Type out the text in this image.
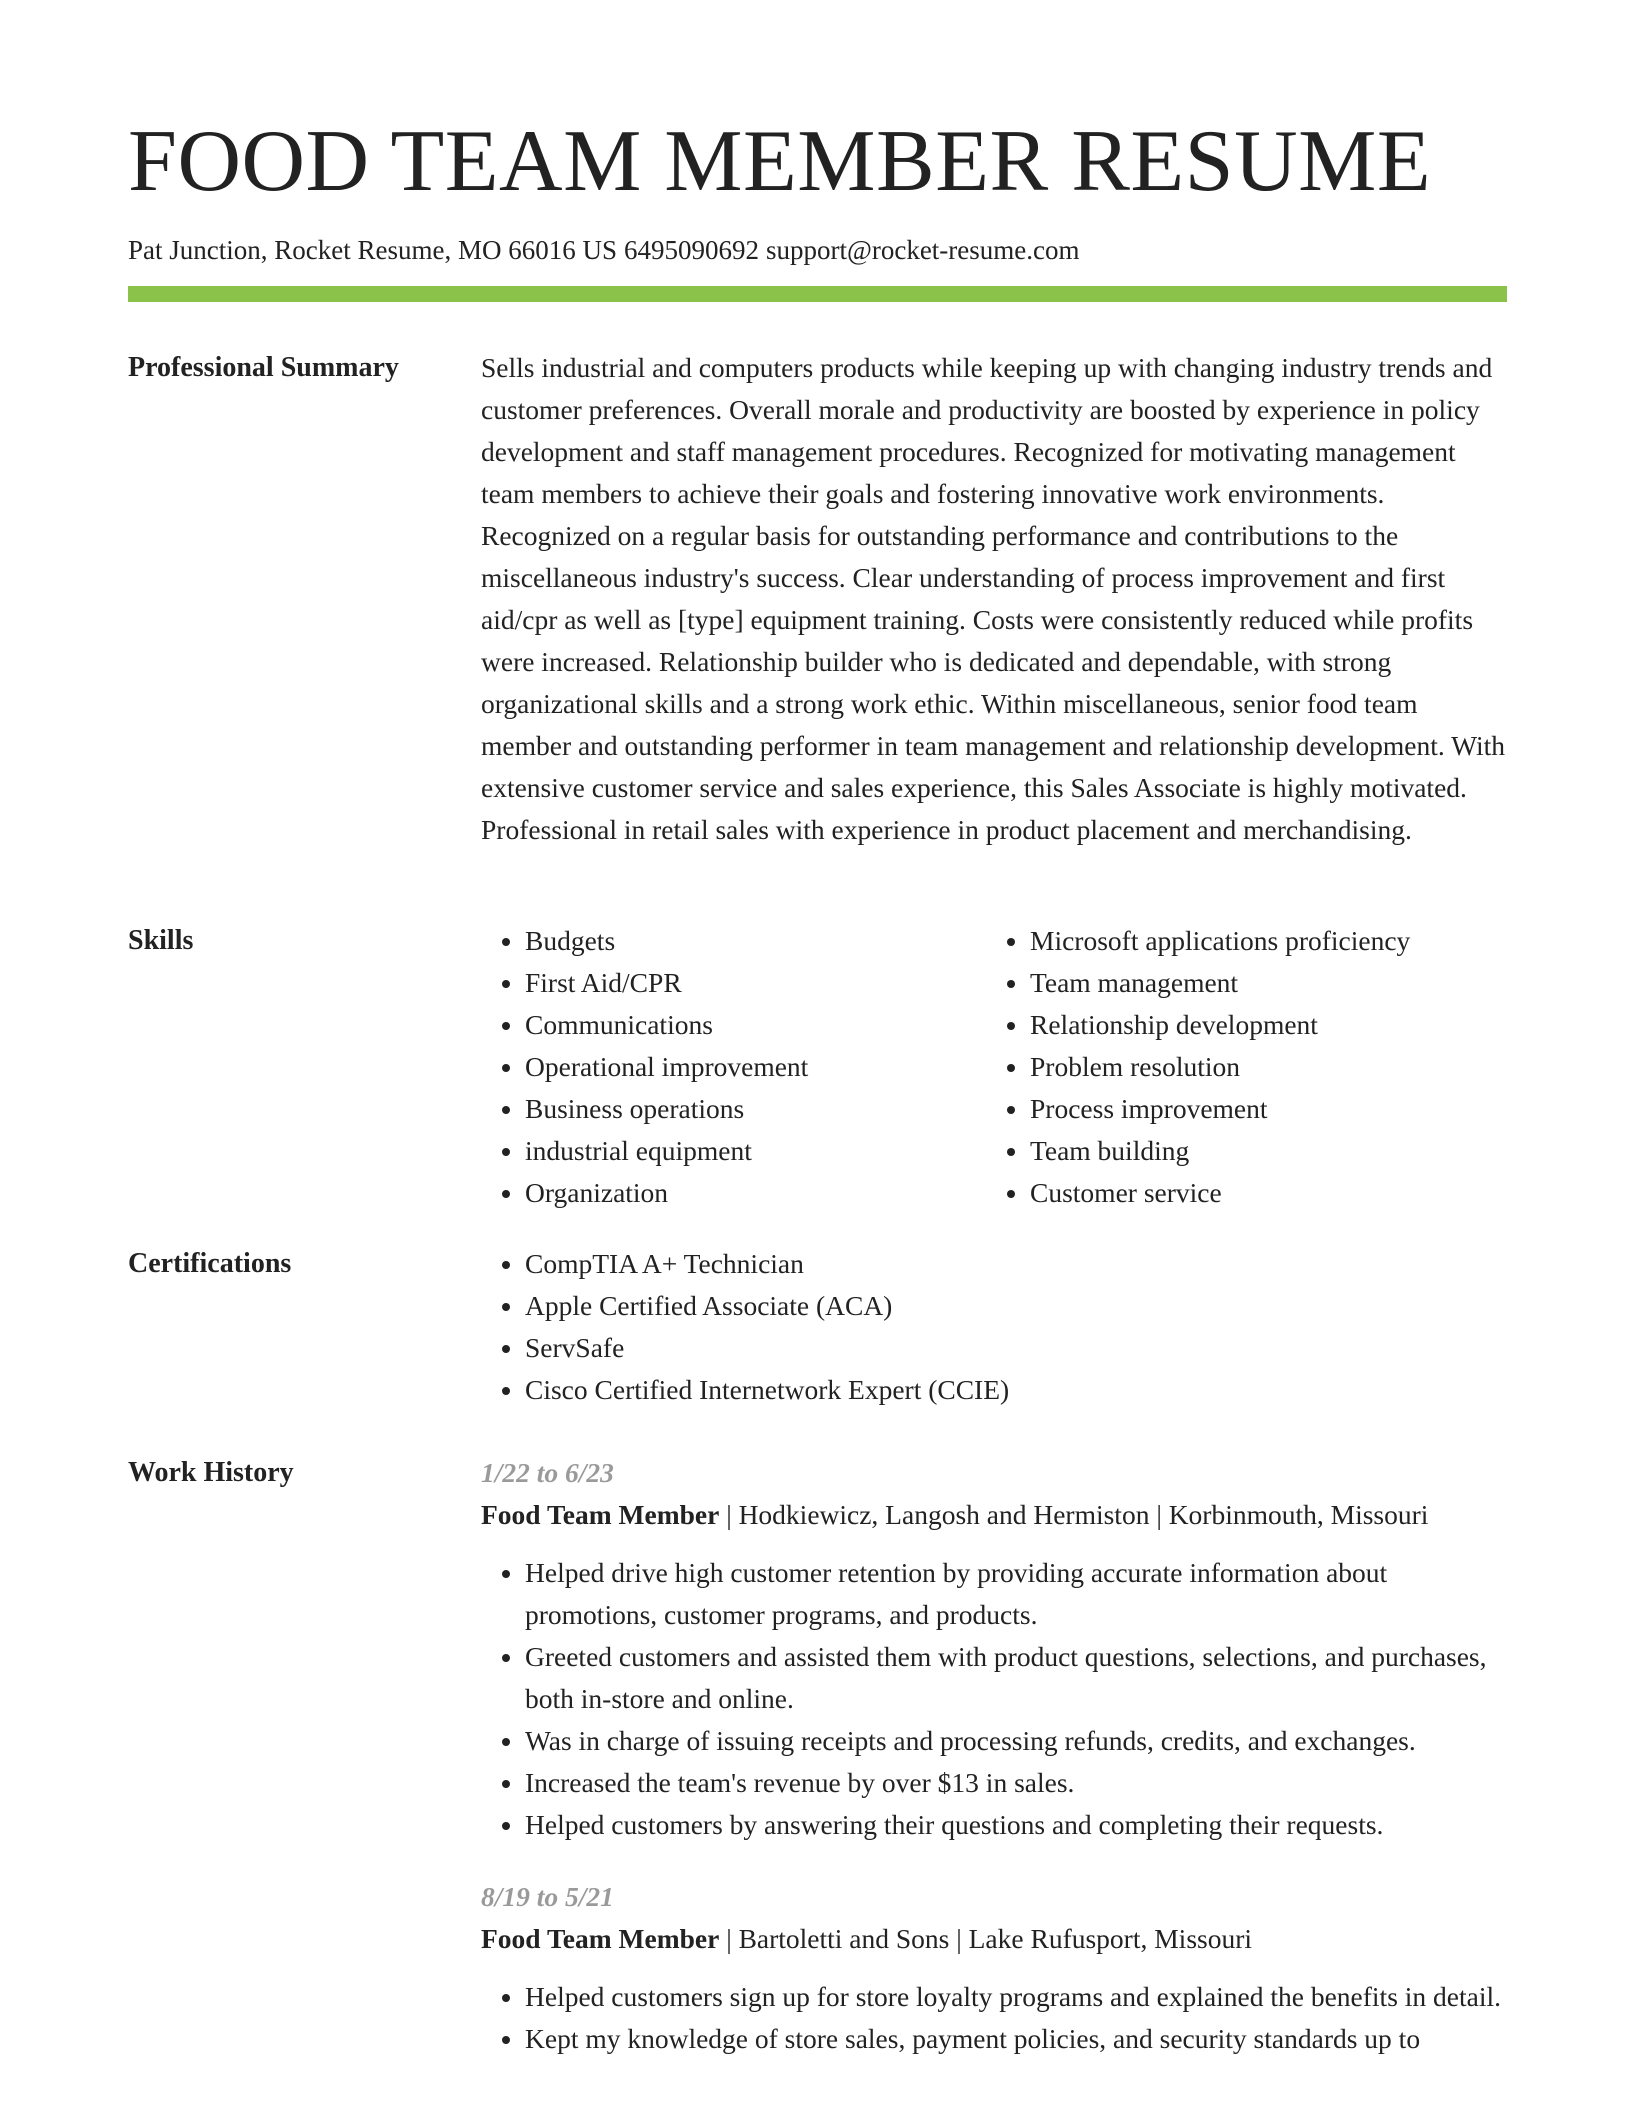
FOOD TEAM MEMBER RESUME
Pat Junction, Rocket Resume, MO 66016 US 6495090692 support@rocket-resume.com
Professional Summary	Sells industrial and computers products while keeping up with changing industry trends and customer preferences. Overall morale and productivity are boosted by experience in policy development and staff management procedures. Recognized for motivating management team members to achieve their goals and fostering innovative work environments. Recognized on a regular basis for outstanding performance and contributions to the miscellaneous industry's success. Clear understanding of process improvement and first aid/cpr as well as [type] equipment training. Costs were consistently reduced while profits were increased. Relationship builder who is dedicated and dependable, with strong organizational skills and a strong work ethic. Within miscellaneous, senior food team member and outstanding performer in team management and relationship development. With extensive customer service and sales experience, this Sales Associate is highly motivated. Professional in retail sales with experience in product placement and merchandising.

Skills	• Budgets
• First Aid/CPR
• Communications
• Operational improvement
• Business operations
• industrial equipment
• Organization
• Microsoft applications proficiency
• Team management
• Relationship development
• Problem resolution
• Process improvement
• Team building
• Customer service
Certifications	• CompTIA A+ Technician
• Apple Certified Associate (ACA)
• ServSafe
• Cisco Certified Internetwork Expert (CCIE)
Work History	1/22 to 6/23
Food Team Member | Hodkiewicz, Langosh and Hermiston | Korbinmouth, Missouri
• Helped drive high customer retention by providing accurate information about promotions, customer programs, and products.
• Greeted customers and assisted them with product questions, selections, and purchases, both in-store and online.
• Was in charge of issuing receipts and processing refunds, credits, and exchanges.
• Increased the team's revenue by over $13 in sales.
• Helped customers by answering their questions and completing their requests.
8/19 to 5/21
Food Team Member | Bartoletti and Sons | Lake Rufusport, Missouri
• Helped customers sign up for store loyalty programs and explained the benefits in detail.
• Kept my knowledge of store sales, payment policies, and security standards up to
